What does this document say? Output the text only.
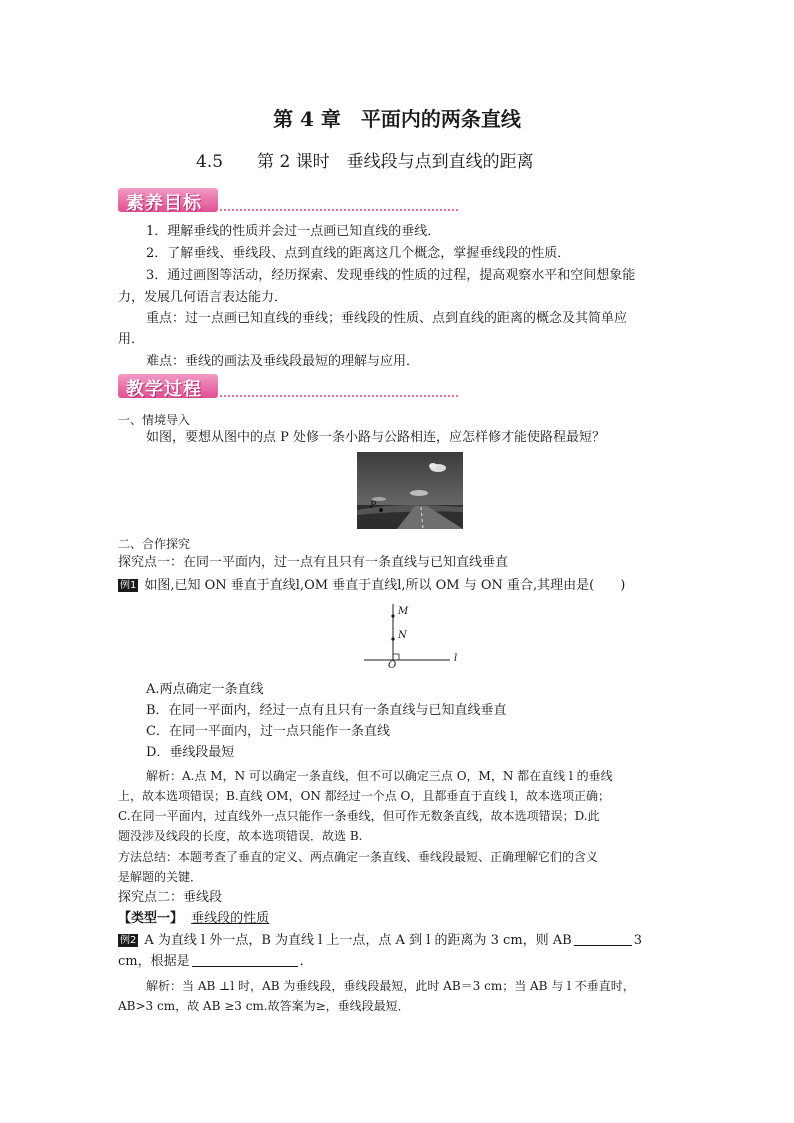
第 4 章　平面内的两条直线
4.5　　第 2 课时　垂线段与点到直线的距离
素养目标
1．理解垂线的性质并会过一点画已知直线的垂线．
2．了解垂线、垂线段、点到直线的距离这几个概念，掌握垂线段的性质．
3．通过画图等活动，经历探索、发现垂线的性质的过程，提高观察水平和空间想象能
力，发展几何语言表达能力．
重点：过一点画已知直线的垂线；垂线段的性质、点到直线的距离的概念及其简单应
用．
难点：垂线的画法及垂线段最短的理解与应用．
教学过程
一、情境导入
如图，要想从图中的点 P 处修一条小路与公路相连，应怎样修才能使路程最短？
P
二、合作探究
探究点一：在同一平面内，过一点有且只有一条直线与已知直线垂直
例1 如图,已知 ON 垂直于直线l,OM 垂直于直线l,所以 OM 与 ON 重合,其理由是(　　)
M
N
O
l
A.两点确定一条直线
B．在同一平面内，经过一点有且只有一条直线与已知直线垂直
C．在同一平面内，过一点只能作一条直线
D．垂线段最短
解析：A.点 M，N 可以确定一条直线，但不可以确定三点 O，M，N 都在直线 l 的垂线
上，故本选项错误；B.直线 OM，ON 都经过一个点 O，且都垂直于直线 l，故本选项正确；
C.在同一平面内，过直线外一点只能作一条垂线，但可作无数条直线，故本选项错误；D.此
题没涉及线段的长度，故本选项错误．故选 B.
方法总结：本题考查了垂直的定义、两点确定一条直线、垂线段最短、正确理解它们的含义
是解题的关键．
探究点二：垂线段
【类型一】 垂线段的性质
例2 A 为直线 l 外一点，B 为直线 l 上一点，点 A 到 l 的距离为 3 cm，则 AB	3
cm，根据是	．
解析：当 AB ⊥l 时，AB 为垂线段，垂线段最短，此时 AB＝3 cm；当 AB 与 l 不垂直时，
AB>3 cm，故 AB ≥3 cm.故答案为≥，垂线段最短．
